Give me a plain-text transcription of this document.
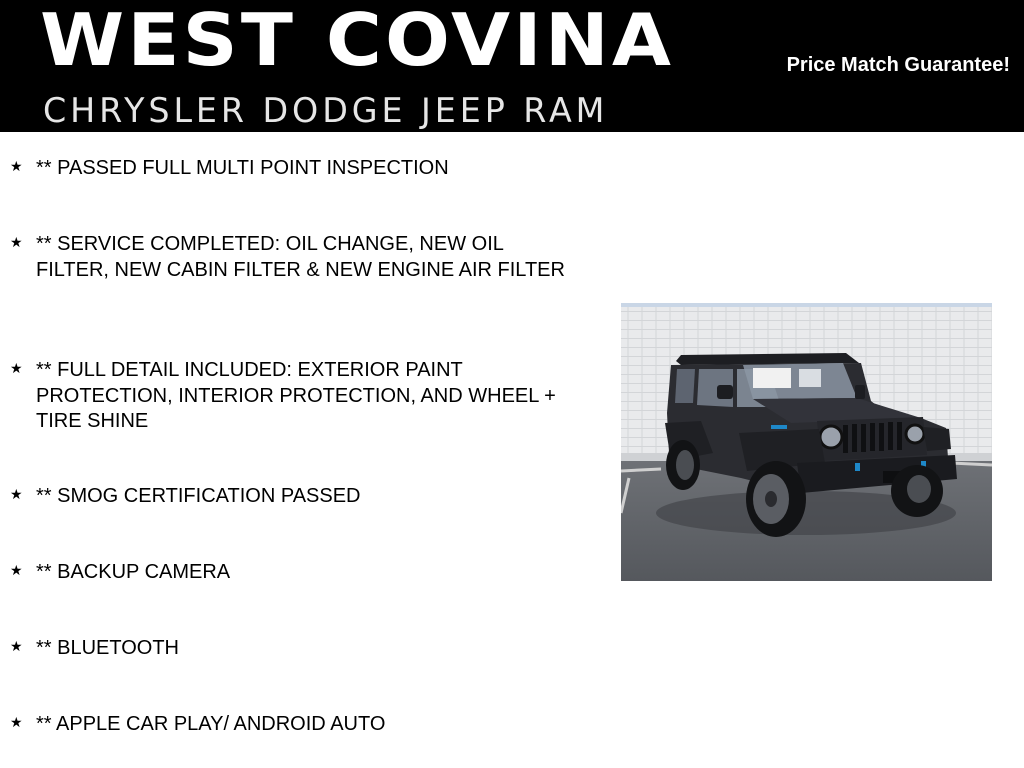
WEST COVINA
CHRYSLER DODGE JEEP RAM
Price Match Guarantee!
★ ** PASSED FULL MULTI POINT INSPECTION
★ ** SERVICE COMPLETED: OIL CHANGE, NEW OIL FILTER, NEW CABIN FILTER & NEW ENGINE AIR FILTER
★ ** FULL DETAIL INCLUDED: EXTERIOR PAINT PROTECTION, INTERIOR PROTECTION, AND WHEEL + TIRE SHINE
★ ** SMOG CERTIFICATION PASSED
★ ** BACKUP CAMERA
★ ** BLUETOOTH
★ ** APPLE CAR PLAY/ ANDROID AUTO
